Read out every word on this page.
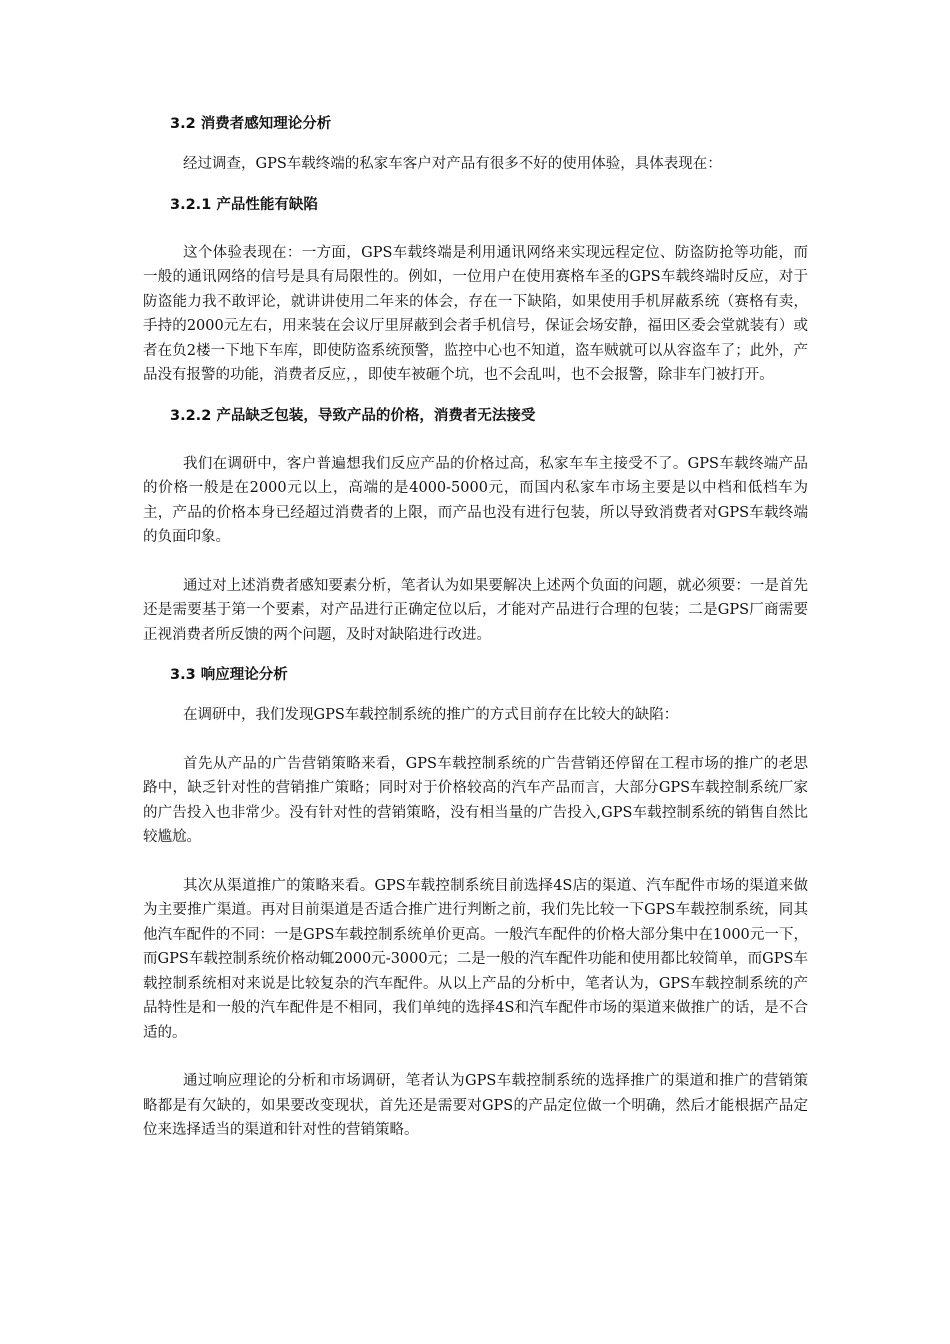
3.2 消费者感知理论分析

经过调查，GPS车载终端的私家车客户对产品有很多不好的使用体验，具体表现在：

3.2.1 产品性能有缺陷

这个体验表现在：一方面，GPS车载终端是利用通讯网络来实现远程定位、防盗防抢等功能，而一般的通讯网络的信号是具有局限性的。例如，一位用户在使用赛格车圣的GPS车载终端时反应，对于防盗能力我不敢评论，就讲讲使用二年来的体会，存在一下缺陷，如果使用手机屏蔽系统（赛格有卖，手持的2000元左右，用来装在会议厅里屏蔽到会者手机信号，保证会场安静，福田区委会堂就装有）或者在负2楼一下地下车库，即使防盗系统预警，监控中心也不知道，盗车贼就可以从容盗车了；此外，产品没有报警的功能，消费者反应，，即使车被砸个坑，也不会乱叫，也不会报警，除非车门被打开。

3.2.2 产品缺乏包装，导致产品的价格，消费者无法接受

我们在调研中，客户普遍想我们反应产品的价格过高，私家车车主接受不了。GPS车载终端产品的价格一般是在2000元以上，高端的是4000-5000元，而国内私家车市场主要是以中档和低档车为主，产品的价格本身已经超过消费者的上限，而产品也没有进行包装，所以导致消费者对GPS车载终端的负面印象。

通过对上述消费者感知要素分析，笔者认为如果要解决上述两个负面的问题，就必须要：一是首先还是需要基于第一个要素，对产品进行正确定位以后，才能对产品进行合理的包装；二是GPS厂商需要正视消费者所反馈的两个问题，及时对缺陷进行改进。

3.3 响应理论分析

在调研中，我们发现GPS车载控制系统的推广的方式目前存在比较大的缺陷：

首先从产品的广告营销策略来看，GPS车载控制系统的广告营销还停留在工程市场的推广的老思路中，缺乏针对性的营销推广策略；同时对于价格较高的汽车产品而言，大部分GPS车载控制系统厂家的广告投入也非常少。没有针对性的营销策略，没有相当量的广告投入,GPS车载控制系统的销售自然比较尴尬。

其次从渠道推广的策略来看。GPS车载控制系统目前选择4S店的渠道、汽车配件市场的渠道来做为主要推广渠道。再对目前渠道是否适合推广进行判断之前，我们先比较一下GPS车载控制系统，同其他汽车配件的不同：一是GPS车载控制系统单价更高。一般汽车配件的价格大部分集中在1000元一下，而GPS车载控制系统价格动辄2000元-3000元；二是一般的汽车配件功能和使用都比较简单，而GPS车载控制系统相对来说是比较复杂的汽车配件。从以上产品的分析中，笔者认为，GPS车载控制系统的产品特性是和一般的汽车配件是不相同，我们单纯的选择4S和汽车配件市场的渠道来做推广的话，是不合适的。

通过响应理论的分析和市场调研，笔者认为GPS车载控制系统的选择推广的渠道和推广的营销策略都是有欠缺的，如果要改变现状，首先还是需要对GPS的产品定位做一个明确，然后才能根据产品定位来选择适当的渠道和针对性的营销策略。
